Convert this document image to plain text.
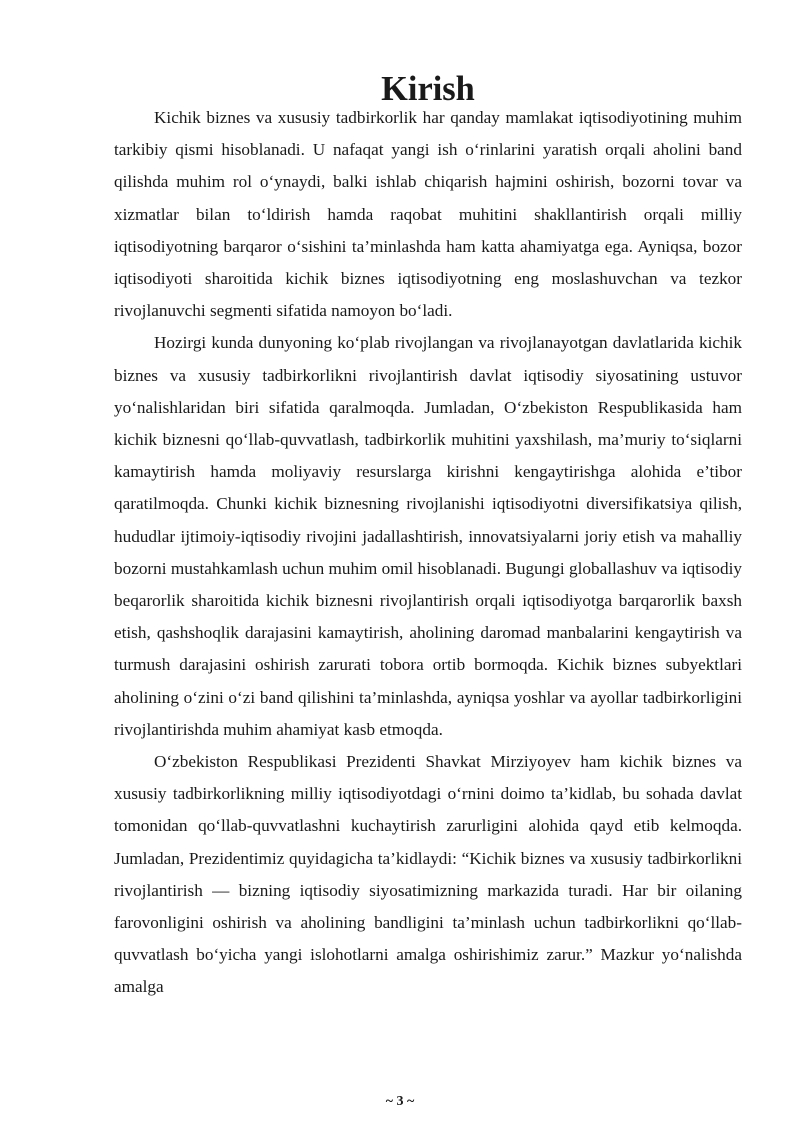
Kirish

Kichik biznes va xususiy tadbirkorlik har qanday mamlakat iqtisodiyotining muhim tarkibiy qismi hisoblanadi. U nafaqat yangi ish o‘rinlarini yaratish orqali aholini band qilishda muhim rol o‘ynaydi, balki ishlab chiqarish hajmini oshirish, bozorni tovar va xizmatlar bilan to‘ldirish hamda raqobat muhitini shakllantirish orqali milliy iqtisodiyotning barqaror o‘sishini ta’minlashda ham katta ahamiyatga ega. Ayniqsa, bozor iqtisodiyoti sharoitida kichik biznes iqtisodiyotning eng moslashuvchan va tezkor rivojlanuvchi segmenti sifatida namoyon bo‘ladi.

Hozirgi kunda dunyoning ko‘plab rivojlangan va rivojlanayotgan davlatlarida kichik biznes va xususiy tadbirkorlikni rivojlantirish davlat iqtisodiy siyosatining ustuvor yo‘nalishlaridan biri sifatida qaralmoqda. Jumladan, O‘zbekiston Respublikasida ham kichik biznesni qo‘llab-quvvatlash, tadbirkorlik muhitini yaxshilash, ma’muriy to‘siqlarni kamaytirish hamda moliyaviy resurslarga kirishni kengaytirishga alohida e’tibor qaratilmoqda. Chunki kichik biznesning rivojlanishi iqtisodiyotni diversifikatsiya qilish, hududlar ijtimoiy-iqtisodiy rivojini jadallashtirish, innovatsiyalarni joriy etish va mahalliy bozorni mustahkamlash uchun muhim omil hisoblanadi. Bugungi globallashuv va iqtisodiy beqarorlik sharoitida kichik biznesni rivojlantirish orqali iqtisodiyotga barqarorlik baxsh etish, qashshoqlik darajasini kamaytirish, aholining daromad manbalarini kengaytirish va turmush darajasini oshirish zarurati tobora ortib bormoqda. Kichik biznes subyektlari aholining o‘zini o‘zi band qilishini ta’minlashda, ayniqsa yoshlar va ayollar tadbirkorligini rivojlantirishda muhim ahamiyat kasb etmoqda.

O‘zbekiston Respublikasi Prezidenti Shavkat Mirziyoyev ham kichik biznes va xususiy tadbirkorlikning milliy iqtisodiyotdagi o‘rnini doimo ta’kidlab, bu sohada davlat tomonidan qo‘llab-quvvatlashni kuchaytirish zarurligini alohida qayd etib kelmoqda. Jumladan, Prezidentimiz quyidagicha ta’kidlaydi: “Kichik biznes va xususiy tadbirkorlikni rivojlantirish — bizning iqtisodiy siyosatimizning markazida turadi. Har bir oilaning farovonligini oshirish va aholining bandligini ta’minlash uchun tadbirkorlikni qo‘llab-quvvatlash bo‘yicha yangi islohotlarni amalga oshirishimiz zarur.” Mazkur yo‘nalishda amalga

~ 3 ~
